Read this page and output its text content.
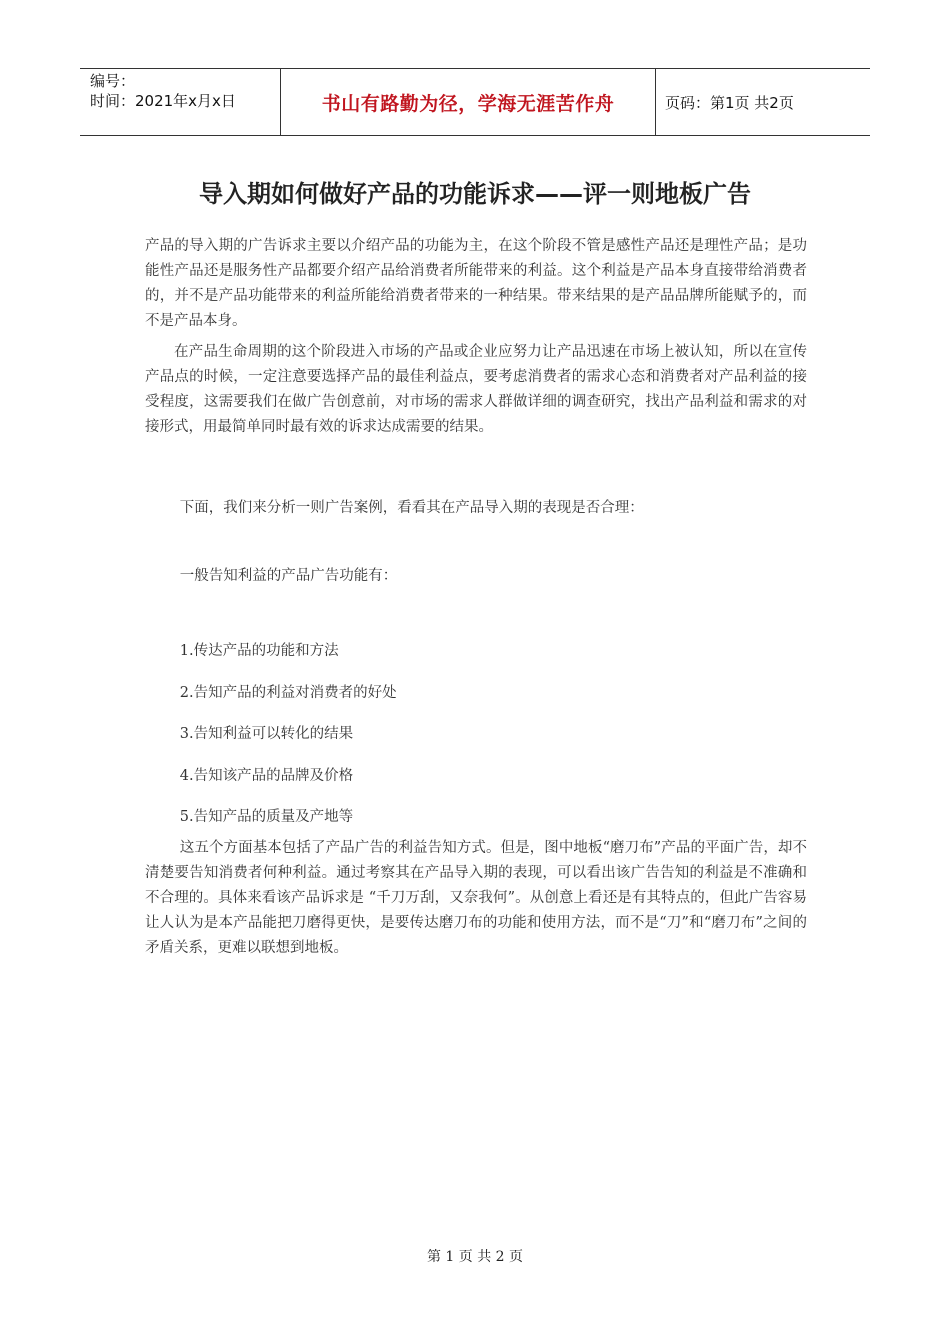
编号：
时间：2021年x月x日	书山有路勤为径，学海无涯苦作舟	页码：第1页 共2页
导入期如何做好产品的功能诉求——评一则地板广告

产品的导入期的广告诉求主要以介绍产品的功能为主，在这个阶段不管是感性产品还是理性产品；是功能性产品还是服务性产品都要介绍产品给消费者所能带来的利益。这个利益是产品本身直接带给消费者的，并不是产品功能带来的利益所能给消费者带来的一种结果。带来结果的是产品品牌所能赋予的，而不是产品本身。

在产品生命周期的这个阶段进入市场的产品或企业应努力让产品迅速在市场上被认知，所以在宣传产品点的时候，一定注意要选择产品的最佳利益点，要考虑消费者的需求心态和消费者对产品利益的接受程度，这需要我们在做广告创意前，对市场的需求人群做详细的调查研究，找出产品利益和需求的对接形式，用最简单同时最有效的诉求达成需要的结果。

下面，我们来分析一则广告案例，看看其在产品导入期的表现是否合理：

一般告知利益的产品广告功能有：

1.传达产品的功能和方法
2.告知产品的利益对消费者的好处
3.告知利益可以转化的结果
4.告知该产品的品牌及价格
5.告知产品的质量及产地等

这五个方面基本包括了产品广告的利益告知方式。但是，图中地板“磨刀布”产品的平面广告，却不清楚要告知消费者何种利益。通过考察其在产品导入期的表现，可以看出该广告告知的利益是不准确和不合理的。具体来看该产品诉求是 “千刀万刮，又奈我何”。从创意上看还是有其特点的，但此广告容易让人认为是本产品能把刀磨得更快，是要传达磨刀布的功能和使用方法，而不是“刀”和“磨刀布”之间的矛盾关系，更难以联想到地板。

第 1 页 共 2 页
